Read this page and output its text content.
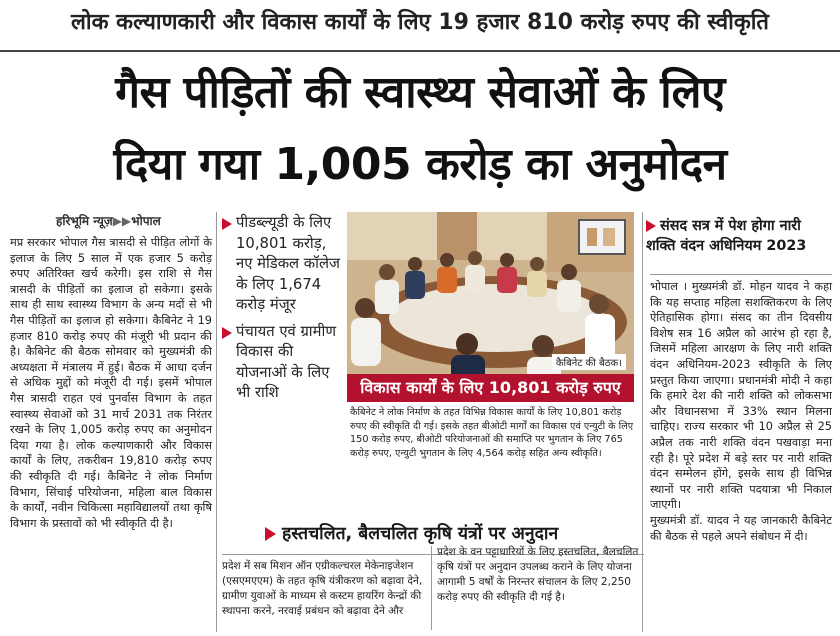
लोक कल्याणकारी और विकास कार्यों के लिए 19 हजार 810 करोड़ रुपए की स्वीकृति
गैस पीड़ितों की स्वास्थ्य सेवाओं के लिए
दिया गया 1,005 करोड़ का अनुमोदन
हरिभूमि न्यूज़▶▶भोपाल

मप्र सरकार भोपाल गैस त्रासदी से पीड़ित लोगों के इलाज के लिए 5 साल में एक हजार 5 करोड़ रुपए अतिरिक्त खर्च करेगी। इस राशि से गैस त्रासदी के पीड़ितों का इलाज हो सकेगा। इसके साथ ही साथ स्वास्थ्य विभाग के अन्य मदों से भी गैस पीड़ितों का इलाज हो सकेगा। कैबिनेट ने 19 हजार 810 करोड़ रुपए की मंजूरी भी प्रदान की है। कैबिनेट की बैठक सोमवार को मुख्यमंत्री की अध्यक्षता में मंत्रालय में हुई। बैठक में आधा दर्जन से अधिक मुद्दों को मंजूरी दी गई। इसमें भोपाल गैस त्रासदी राहत एवं पुनर्वास विभाग के तहत स्वास्थ्य सेवाओं को 31 मार्च 2031 तक निरंतर रखने के लिए 1,005 करोड़ रुपए का अनुमोदन दिया गया है। लोक कल्याणकारी और विकास कार्यों के लिए, तकरीबन 19,810 करोड़ रुपए की स्वीकृति दी गई। कैबिनेट ने लोक निर्माण विभाग, सिंचाई परियोजना, महिला बाल विकास के कार्यों, नवीन चिकित्सा महाविद्यालयों तथा कृषि विभाग के प्रस्तावों को भी स्वीकृति दी है।

पीडब्ल्यूडी के लिए 10,801 करोड़, नए मेडिकल कॉलेज के लिए 1,674 करोड़ मंजूर
पंचायत एवं ग्रामीण विकास की योजनाओं के लिए भी राशि
कैबिनेट की बैठक।
विकास कार्यों के लिए 10,801 करोड़ रुपए
कैबिनेट ने लोक निर्माण के तहत विभिन्न विकास कार्यों के लिए 10,801 करोड़ रुपए की स्वीकृति दी गई। इसके तहत बीओटी मार्गों का विकास एवं एन्युटी के लिए 150 करोड़ रुपए, बीओटी परियोजनाओं की समाप्ति पर भुगतान के लिए 765 करोड़ रुपए, एन्युटी भुगतान के लिए 4,564 करोड़ सहित अन्य स्वीकृति।
हस्तचलित, बैलचलित कृषि यंत्रों पर अनुदान
प्रदेश में सब मिशन ऑन एग्रीकल्चरल मेकेनाइजेशन (एसएमएएम) के तहत कृषि यंत्रीकरण को बढ़ावा देने, ग्रामीण युवाओं के माध्यम से कस्टम हायरिंग केन्द्रों की स्थापना करने, नरवाई प्रबंधन को बढ़ावा देने और
प्रदेश के वन पट्टाधारियों के लिए हस्तचलित, बैलचलित कृषि यंत्रों पर अनुदान उपलब्ध कराने के लिए योजना आगामी 5 वर्षों के निरन्तर संचालन के लिए 2,250 करोड़ रुपए की स्वीकृति दी गई है।
संसद सत्र में पेश होगा नारी शक्ति वंदन अधिनियम 2023

भोपाल । मुख्यमंत्री डॉ. मोहन यादव ने कहा कि यह सप्ताह महिला सशक्तिकरण के लिए ऐतिहासिक होगा। संसद का तीन दिवसीय विशेष सत्र 16 अप्रैल को आरंभ हो रहा है, जिसमें महिला आरक्षण के लिए नारी शक्ति वंदन अधिनियम-2023 स्वीकृति के लिए प्रस्तुत किया जाएगा। प्रधानमंत्री मोदी ने कहा कि हमारे देश की नारी शक्ति को लोकसभा और विधानसभा में 33% स्थान मिलना चाहिए। राज्य सरकार भी 10 अप्रैल से 25 अप्रैल तक नारी शक्ति वंदन पखवाड़ा मना रही है। पूरे प्रदेश में बड़े स्तर पर नारी शक्ति वंदन सम्मेलन होंगे, इसके साथ ही विभिन्न स्थानों पर नारी शक्ति पदयात्रा भी निकाल जाएगी।

मुख्यमंत्री डॉ. यादव ने यह जानकारी कैबिनेट की बैठक से पहले अपने संबोधन में दी।
